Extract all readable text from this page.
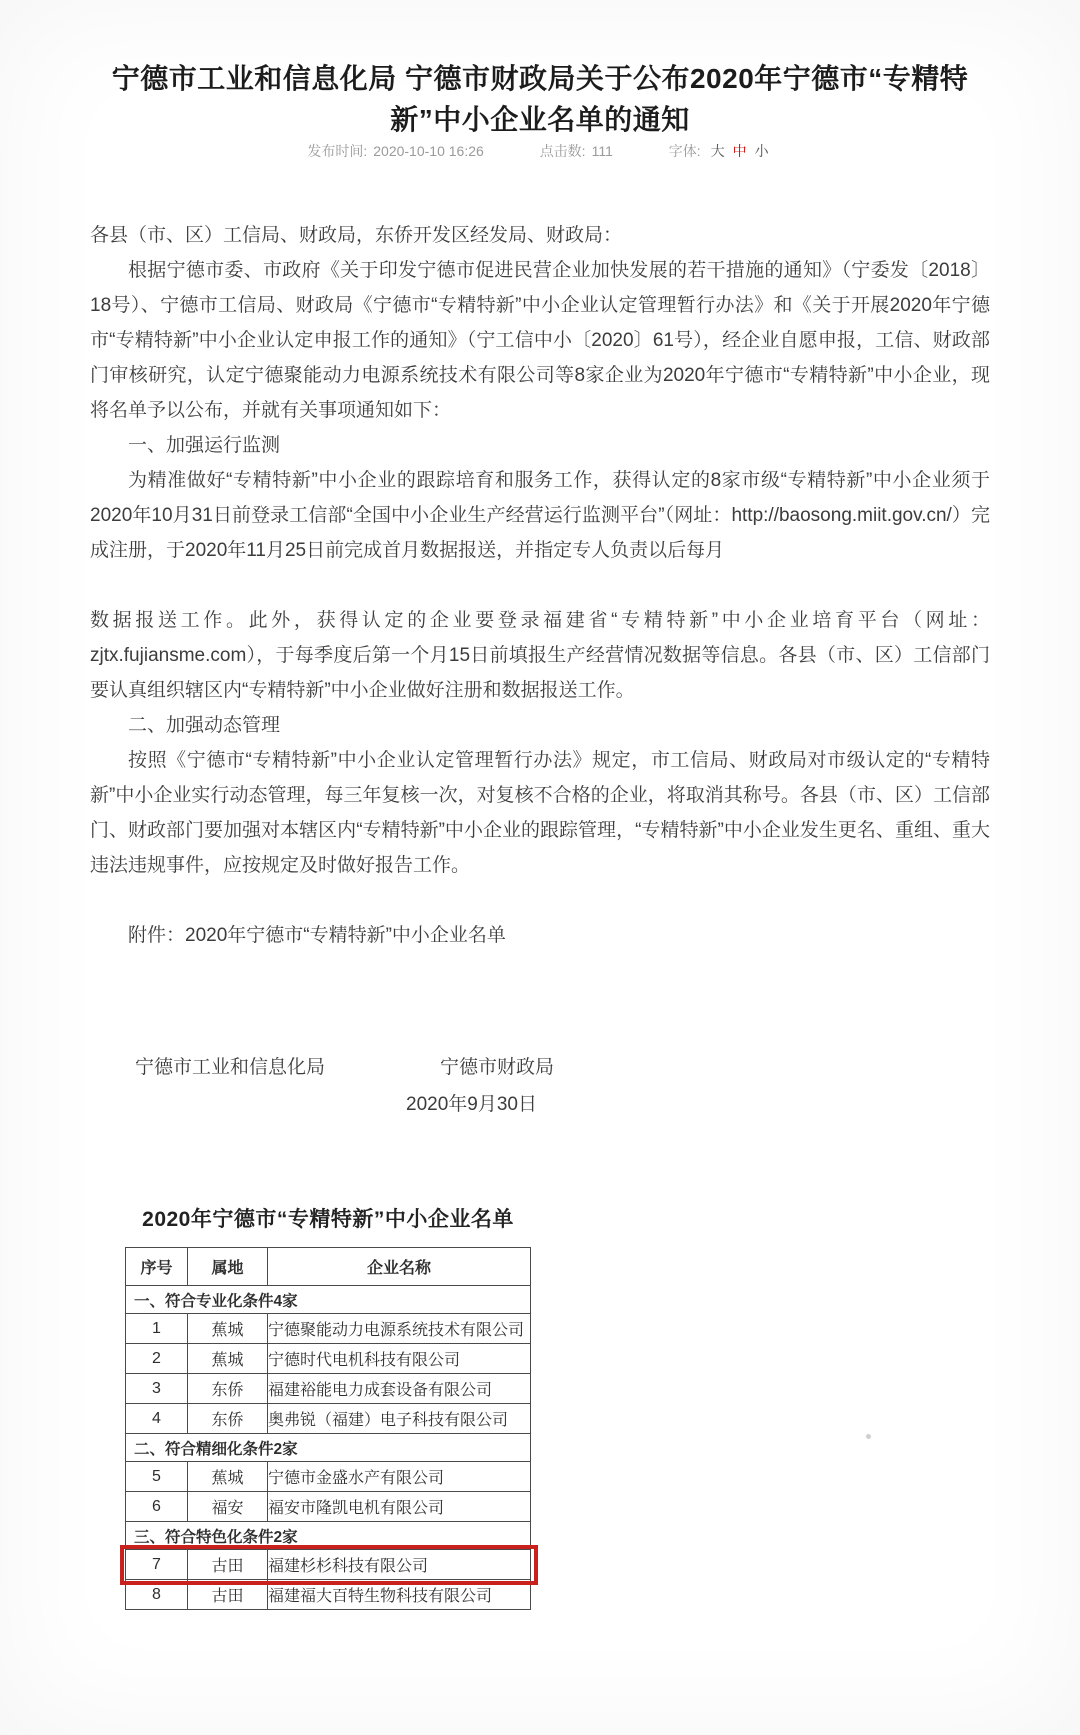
宁德市工业和信息化局 宁德市财政局关于公布2020年宁德市“专精特新”中小企业名单的通知
发布时间: 2020-10-10 16:26	点击数: 111	字体: 大 中 小

各县（市、区）工信局、财政局，东侨开发区经发局、财政局：

根据宁德市委、市政府《关于印发宁德市促进民营企业加快发展的若干措施的通知》（宁委发〔2018〕18号）、宁德市工信局、财政局《宁德市“专精特新”中小企业认定管理暂行办法》和《关于开展2020年宁德市“专精特新”中小企业认定申报工作的通知》（宁工信中小〔2020〕61号），经企业自愿申报，工信、财政部门审核研究，认定宁德聚能动力电源系统技术有限公司等8家企业为2020年宁德市“专精特新”中小企业，现将名单予以公布，并就有关事项通知如下：

一、加强运行监测

为精准做好“专精特新”中小企业的跟踪培育和服务工作，获得认定的8家市级“专精特新”中小企业须于2020年10月31日前登录工信部“全国中小企业生产经营运行监测平台”（网址：http://baosong.miit.gov.cn/）完成注册，于2020年11月25日前完成首月数据报送，并指定专人负责以后每月

数据报送工作。此外，获得认定的企业要登录福建省“专精特新”中小企业培育平台（网址：zjtx.fujiansme.com），于每季度后第一个月15日前填报生产经营情况数据等信息。各县（市、区）工信部门要认真组织辖区内“专精特新”中小企业做好注册和数据报送工作。

二、加强动态管理

按照《宁德市“专精特新”中小企业认定管理暂行办法》规定，市工信局、财政局对市级认定的“专精特新”中小企业实行动态管理，每三年复核一次，对复核不合格的企业，将取消其称号。各县（市、区）工信部门、财政部门要加强对本辖区内“专精特新”中小企业的跟踪管理，“专精特新”中小企业发生更名、重组、重大违法违规事件，应按规定及时做好报告工作。

附件：2020年宁德市“专精特新”中小企业名单

宁德市工业和信息化局	宁德市财政局
2020年9月30日
2020年宁德市“专精特新”中小企业名单
序号	属地	企业名称
一、符合专业化条件4家		
1	蕉城	宁德聚能动力电源系统技术有限公司
2	蕉城	宁德时代电机科技有限公司
3	东侨	福建裕能电力成套设备有限公司
4	东侨	奥弗锐（福建）电子科技有限公司
二、符合精细化条件2家		
5	蕉城	宁德市金盛水产有限公司
6	福安	福安市隆凯电机有限公司
三、符合特色化条件2家		
7	古田	福建杉杉科技有限公司
8	古田	福建福大百特生物科技有限公司
